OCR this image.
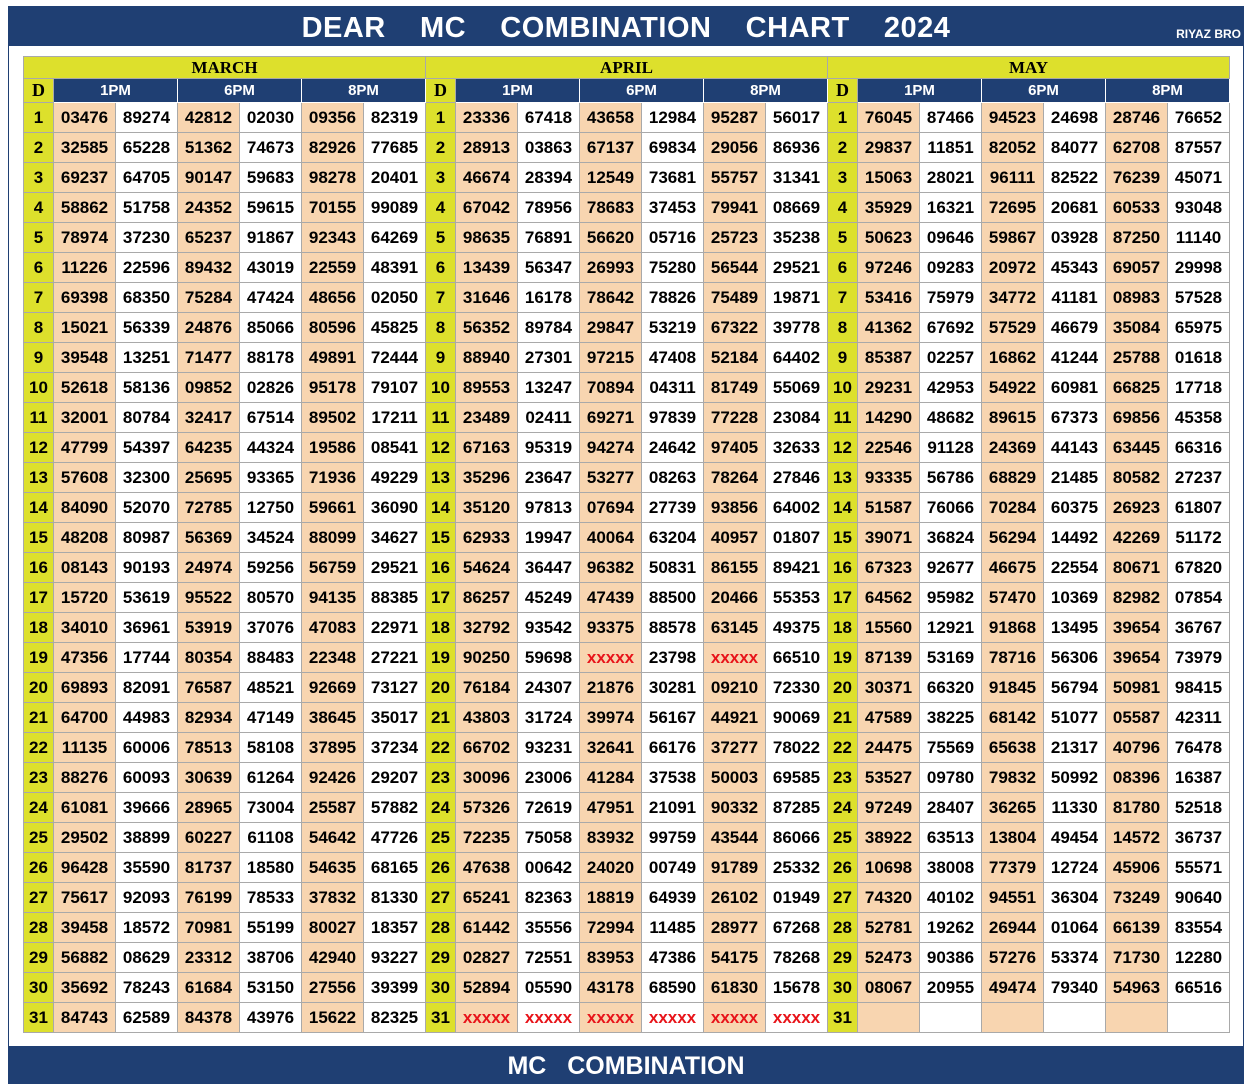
DEAR    MC    COMBINATION    CHART    2024	RIYAZ BRO
MARCH							APRIL							MAY						
D	1PM		6PM		8PM		D	1PM		6PM		8PM		D	1PM		6PM		8PM	
1	03476	89274	42812	02030	09356	82319	1	23336	67418	43658	12984	95287	56017	1	76045	87466	94523	24698	28746	76652
2	32585	65228	51362	74673	82926	77685	2	28913	03863	67137	69834	29056	86936	2	29837	11851	82052	84077	62708	87557
3	69237	64705	90147	59683	98278	20401	3	46674	28394	12549	73681	55757	31341	3	15063	28021	96111	82522	76239	45071
4	58862	51758	24352	59615	70155	99089	4	67042	78956	78683	37453	79941	08669	4	35929	16321	72695	20681	60533	93048
5	78974	37230	65237	91867	92343	64269	5	98635	76891	56620	05716	25723	35238	5	50623	09646	59867	03928	87250	11140
6	11226	22596	89432	43019	22559	48391	6	13439	56347	26993	75280	56544	29521	6	97246	09283	20972	45343	69057	29998
7	69398	68350	75284	47424	48656	02050	7	31646	16178	78642	78826	75489	19871	7	53416	75979	34772	41181	08983	57528
8	15021	56339	24876	85066	80596	45825	8	56352	89784	29847	53219	67322	39778	8	41362	67692	57529	46679	35084	65975
9	39548	13251	71477	88178	49891	72444	9	88940	27301	97215	47408	52184	64402	9	85387	02257	16862	41244	25788	01618
10	52618	58136	09852	02826	95178	79107	10	89553	13247	70894	04311	81749	55069	10	29231	42953	54922	60981	66825	17718
11	32001	80784	32417	67514	89502	17211	11	23489	02411	69271	97839	77228	23084	11	14290	48682	89615	67373	69856	45358
12	47799	54397	64235	44324	19586	08541	12	67163	95319	94274	24642	97405	32633	12	22546	91128	24369	44143	63445	66316
13	57608	32300	25695	93365	71936	49229	13	35296	23647	53277	08263	78264	27846	13	93335	56786	68829	21485	80582	27237
14	84090	52070	72785	12750	59661	36090	14	35120	97813	07694	27739	93856	64002	14	51587	76066	70284	60375	26923	61807
15	48208	80987	56369	34524	88099	34627	15	62933	19947	40064	63204	40957	01807	15	39071	36824	56294	14492	42269	51172
16	08143	90193	24974	59256	56759	29521	16	54624	36447	96382	50831	86155	89421	16	67323	92677	46675	22554	80671	67820
17	15720	53619	95522	80570	94135	88385	17	86257	45249	47439	88500	20466	55353	17	64562	95982	57470	10369	82982	07854
18	34010	36961	53919	37076	47083	22971	18	32792	93542	93375	88578	63145	49375	18	15560	12921	91868	13495	39654	36767
19	47356	17744	80354	88483	22348	27221	19	90250	59698	xxxxx	23798	xxxxx	66510	19	87139	53169	78716	56306	39654	73979
20	69893	82091	76587	48521	92669	73127	20	76184	24307	21876	30281	09210	72330	20	30371	66320	91845	56794	50981	98415
21	64700	44983	82934	47149	38645	35017	21	43803	31724	39974	56167	44921	90069	21	47589	38225	68142	51077	05587	42311
22	11135	60006	78513	58108	37895	37234	22	66702	93231	32641	66176	37277	78022	22	24475	75569	65638	21317	40796	76478
23	88276	60093	30639	61264	92426	29207	23	30096	23006	41284	37538	50003	69585	23	53527	09780	79832	50992	08396	16387
24	61081	39666	28965	73004	25587	57882	24	57326	72619	47951	21091	90332	87285	24	97249	28407	36265	11330	81780	52518
25	29502	38899	60227	61108	54642	47726	25	72235	75058	83932	99759	43544	86066	25	38922	63513	13804	49454	14572	36737
26	96428	35590	81737	18580	54635	68165	26	47638	00642	24020	00749	91789	25332	26	10698	38008	77379	12724	45906	55571
27	75617	92093	76199	78533	37832	81330	27	65241	82363	18819	64939	26102	01949	27	74320	40102	94551	36304	73249	90640
28	39458	18572	70981	55199	80027	18357	28	61442	35556	72994	11485	28977	67268	28	52781	19262	26944	01064	66139	83554
29	56882	08629	23312	38706	42940	93227	29	02827	72551	83953	47386	54175	78268	29	52473	90386	57276	53374	71730	12280
30	35692	78243	61684	53150	27556	39399	30	52894	05590	43178	68590	61830	15678	30	08067	20955	49474	79340	54963	66516
31	84743	62589	84378	43976	15622	82325	31	xxxxx	xxxxx	xxxxx	xxxxx	xxxxx	xxxxx	31						
MC   COMBINATION
